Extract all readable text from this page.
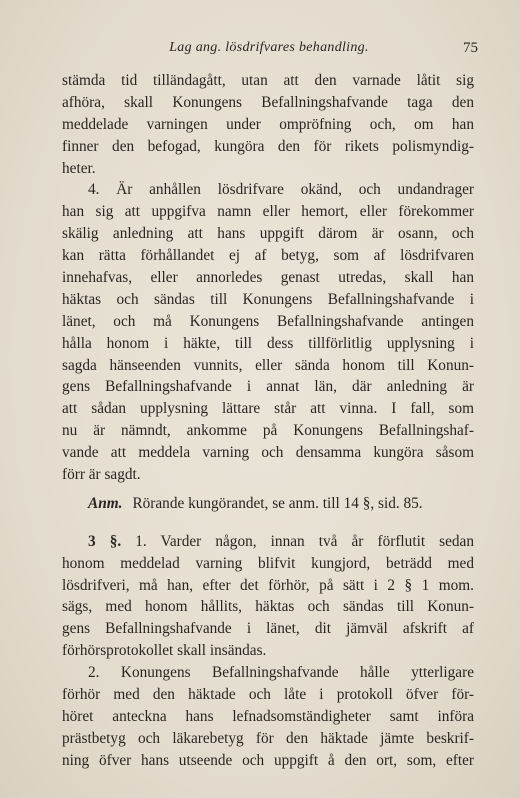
Lag ang. lösdrifvares behandling.	75
stämda tid tilländagått, utan att den varnade låtit sig
afhöra, skall Konungens Befallningshafvande taga den
meddelade varningen under ompröfning och, om han
finner den befogad, kungöra den för rikets polismyndig-
heter.
4. Är anhållen lösdrifvare okänd, och undandrager
han sig att uppgifva namn eller hemort, eller förekommer
skälig anledning att hans uppgift därom är osann, och
kan rätta förhållandet ej af betyg, som af lösdrifvaren
innehafvas, eller annorledes genast utredas, skall han
häktas och sändas till Konungens Befallningshafvande i
länet, och må Konungens Befallningshafvande antingen
hålla honom i häkte, till dess tillförlitlig upplysning i
sagda hänseenden vunnits, eller sända honom till Konun-
gens Befallningshafvande i annat län, där anledning är
att sådan upplysning lättare står att vinna. I fall, som
nu är nämndt, ankomme på Konungens Befallningshaf-
vande att meddela varning och densamma kungöra såsom
förr är sagdt.
Anm. Rörande kungörandet, se anm. till 14 §, sid. 85.
3 §. 1. Varder någon, innan två år förflutit sedan
honom meddelad varning blifvit kungjord, beträdd med
lösdrifveri, må han, efter det förhör, på sätt i 2 § 1 mom.
sägs, med honom hållits, häktas och sändas till Konun-
gens Befallningshafvande i länet, dit jämväl afskrift af
förhörsprotokollet skall insändas.
2. Konungens Befallningshafvande hålle ytterligare
förhör med den häktade och låte i protokoll öfver för-
höret anteckna hans lefnadsomständigheter samt införa
prästbetyg och läkarebetyg för den häktade jämte beskrif-
ning öfver hans utseende och uppgift å den ort, som, efter
